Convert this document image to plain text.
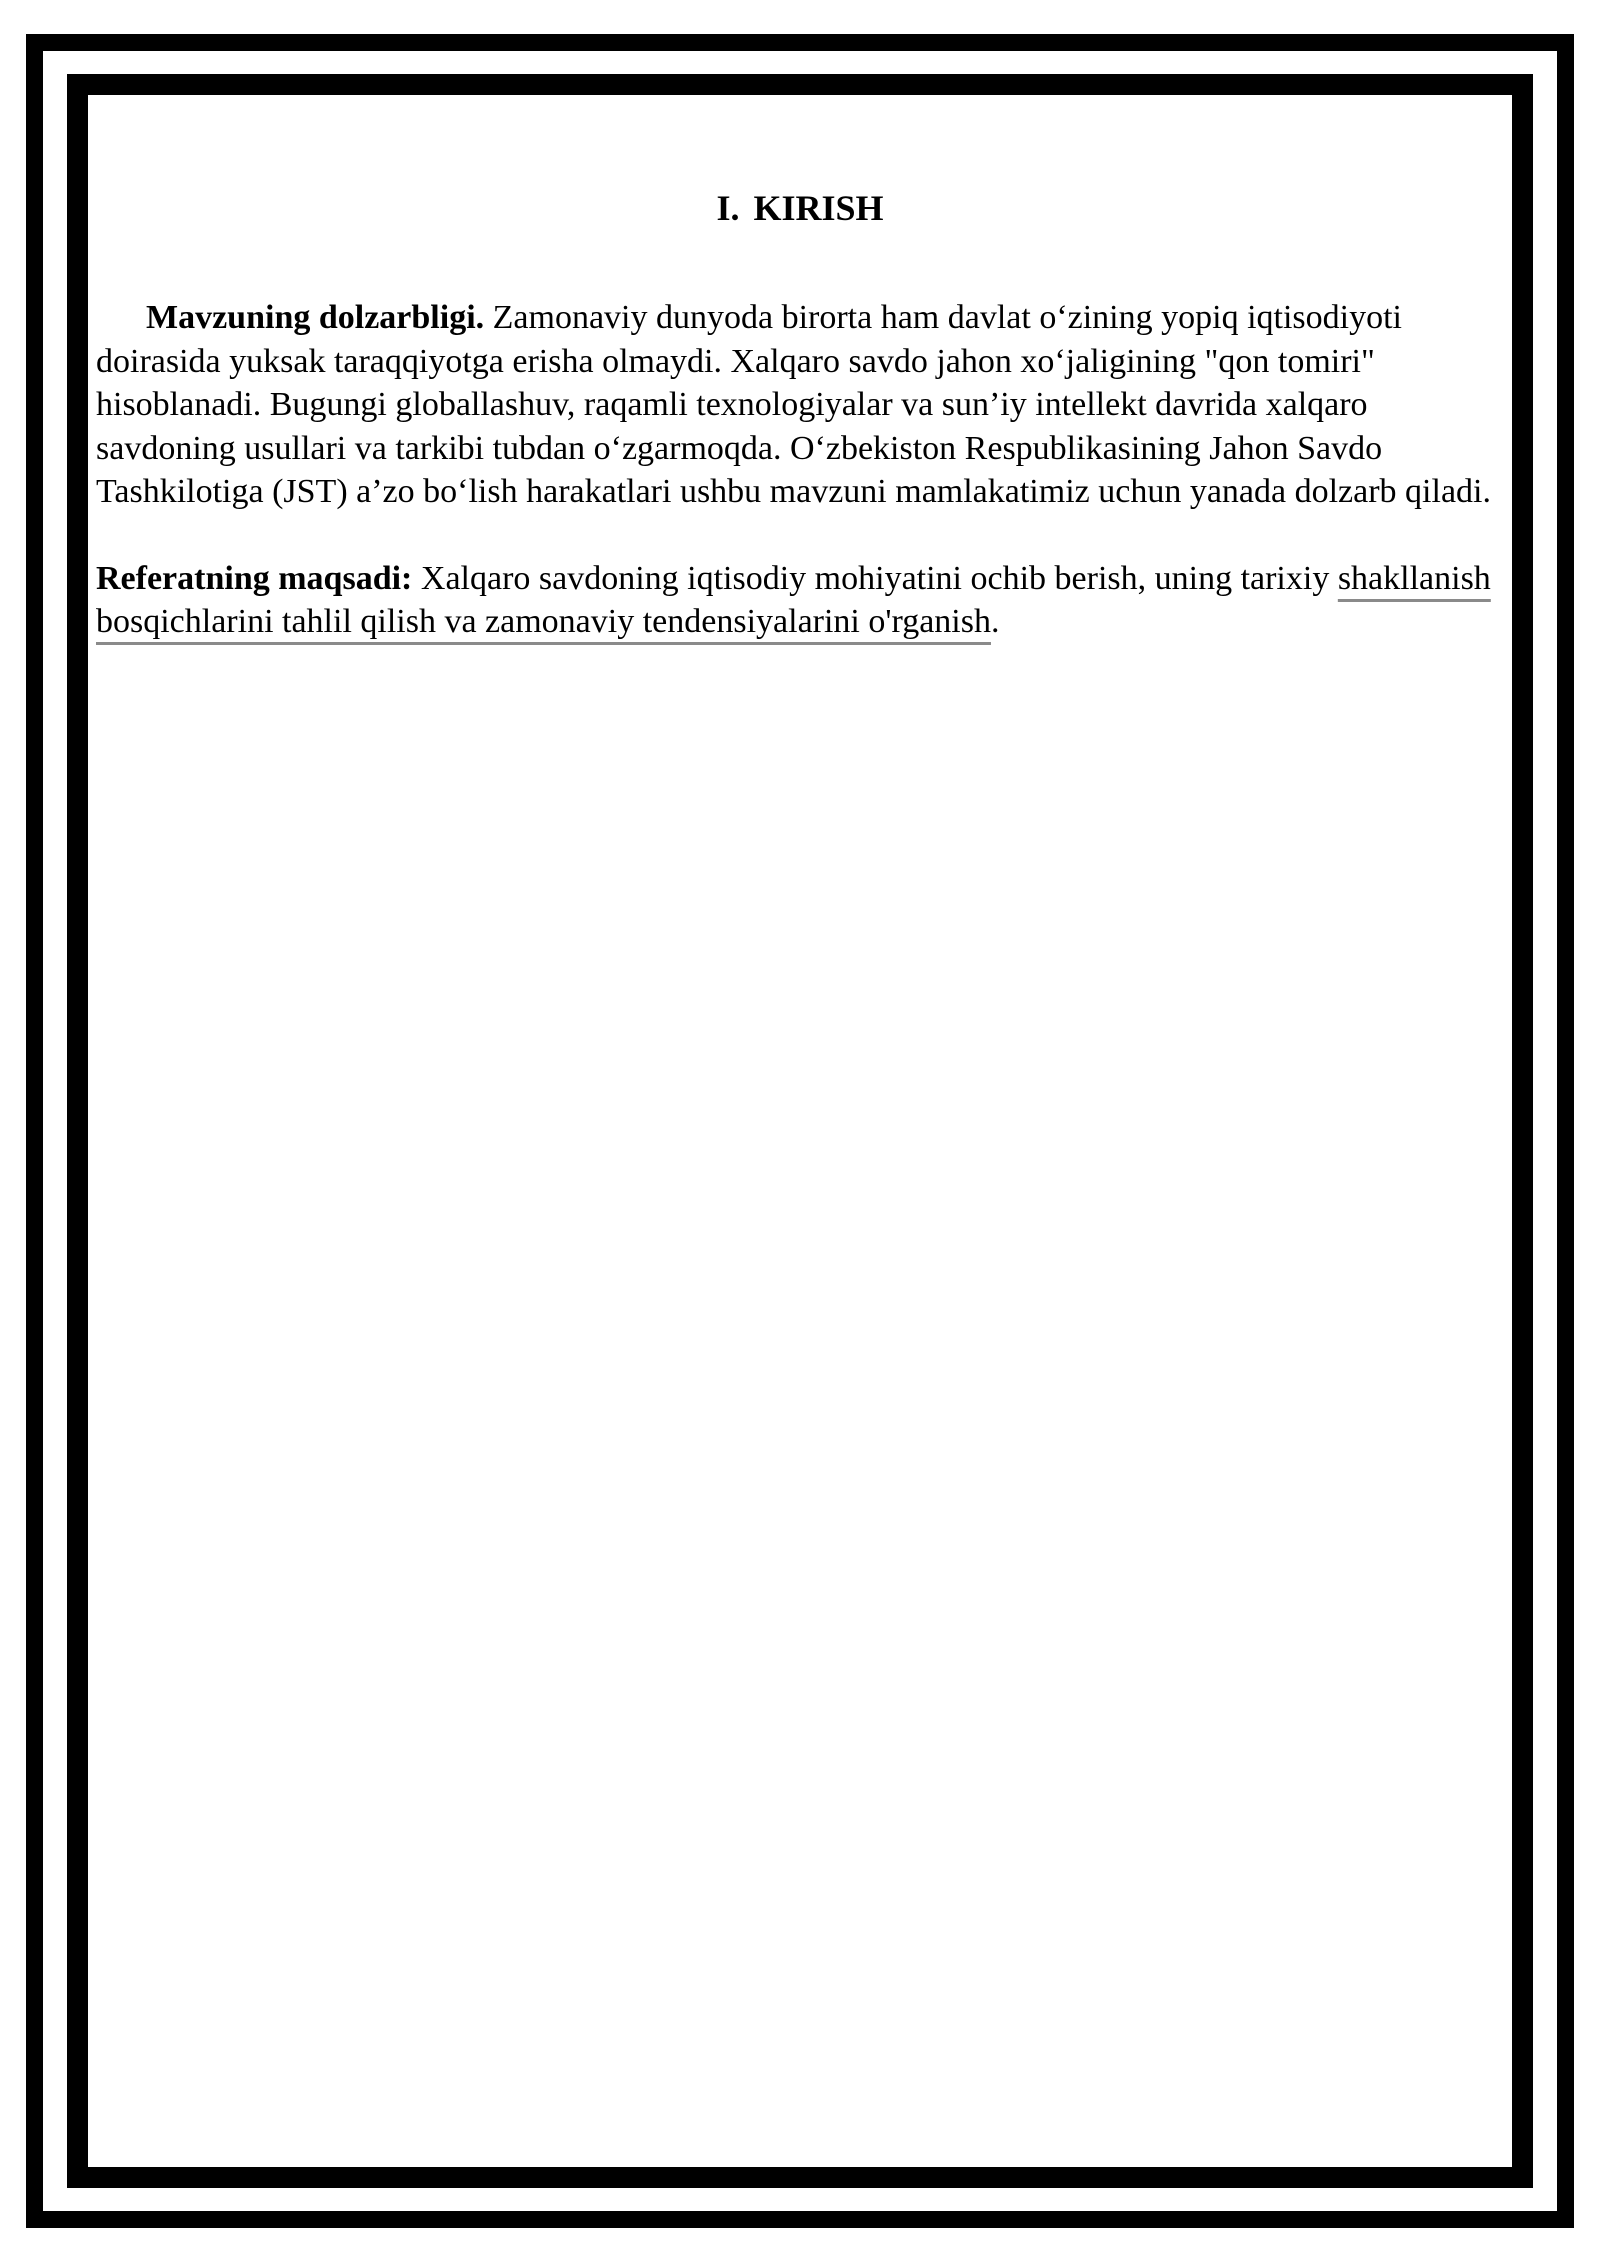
I. KIRISH

Mavzuning dolzarbligi. Zamonaviy dunyoda birorta ham davlat o‘zining yopiq iqtisodiyoti doirasida yuksak taraqqiyotga erisha olmaydi. Xalqaro savdo jahon xo‘jaligining "qon tomiri" hisoblanadi. Bugungi globallashuv, raqamli texnologiyalar va sun’iy intellekt davrida xalqaro savdoning usullari va tarkibi tubdan o‘zgarmoqda. O‘zbekiston Respublikasining Jahon Savdo Tashkilotiga (JST) a’zo bo‘lish harakatlari ushbu mavzuni mamlakatimiz uchun yanada dolzarb qiladi.

Referatning maqsadi: Xalqaro savdoning iqtisodiy mohiyatini ochib berish, uning tarixiy shakllanish bosqichlarini tahlil qilish va zamonaviy tendensiyalarini o'rganish.
